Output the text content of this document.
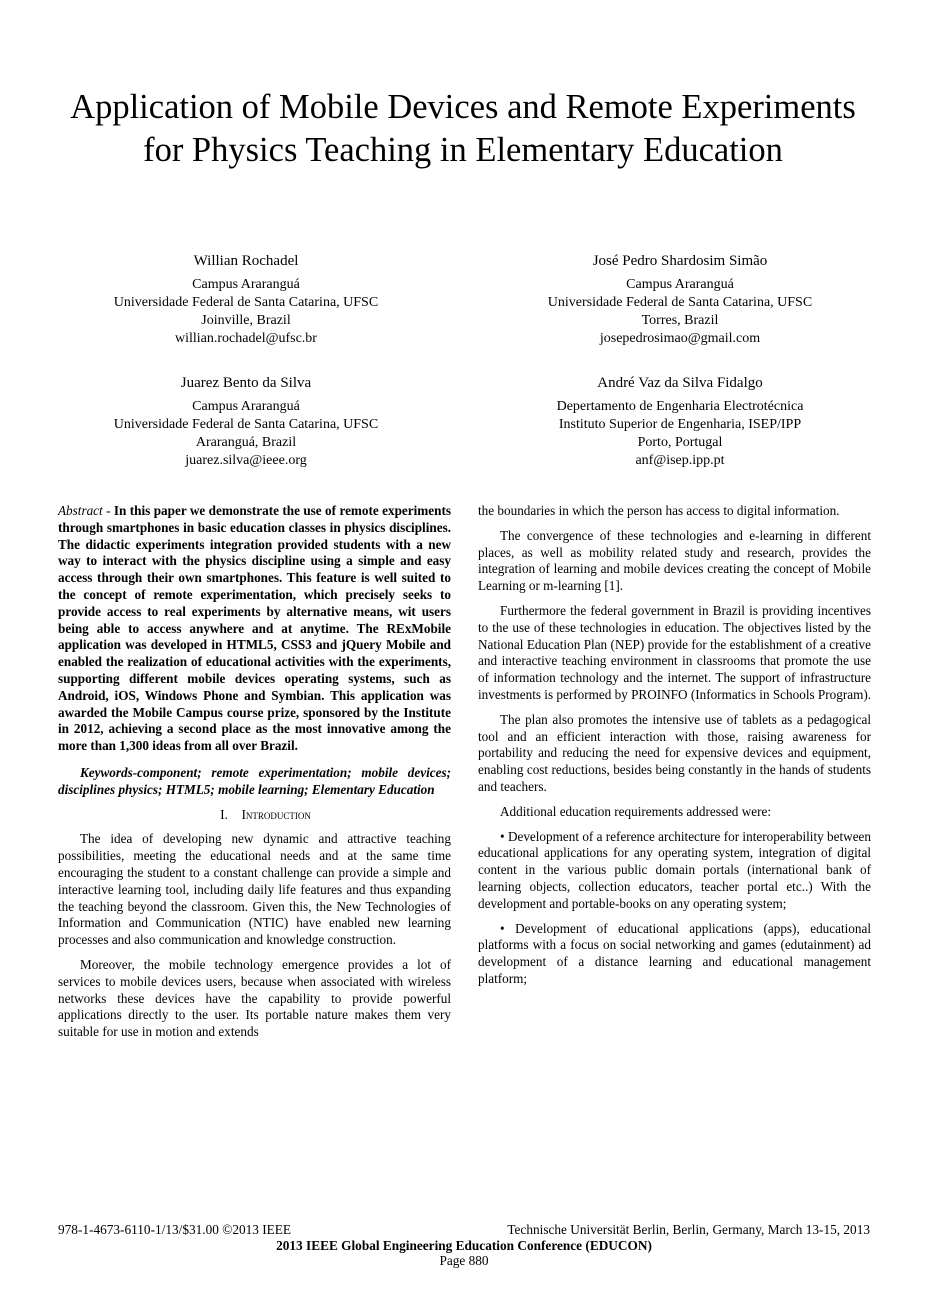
Application of Mobile Devices and Remote Experiments for Physics Teaching in Elementary Education
Willian Rochadel
Campus Araranguá
Universidade Federal de Santa Catarina, UFSC
Joinville, Brazil
willian.rochadel@ufsc.br
José Pedro Shardosim Simão
Campus Araranguá
Universidade Federal de Santa Catarina, UFSC
Torres, Brazil
josepedrosimao@gmail.com
Juarez Bento da Silva
Campus Araranguá
Universidade Federal de Santa Catarina, UFSC
Araranguá, Brazil
juarez.silva@ieee.org
André Vaz da Silva Fidalgo
Depertamento de Engenharia Electrotécnica
Instituto Superior de Engenharia, ISEP/IPP
Porto, Portugal
anf@isep.ipp.pt

Abstract - In this paper we demonstrate the use of remote experiments through smartphones in basic education classes in physics disciplines. The didactic experiments integration provided students with a new way to interact with the physics discipline using a simple and easy access through their own smartphones. This feature is well suited to the concept of remote experimentation, which precisely seeks to provide access to real experiments by alternative means, wit users being able to access anywhere and at anytime. The RExMobile application was developed in HTML5, CSS3 and jQuery Mobile and enabled the realization of educational activities with the experiments, supporting different mobile devices operating systems, such as Android, iOS, Windows Phone and Symbian. This application was awarded the Mobile Campus course prize, sponsored by the Institute in 2012, achieving a second place as the most innovative among the more than 1,300 ideas from all over Brazil.

Keywords-component; remote experimentation; mobile devices; disciplines physics; HTML5; mobile learning; Elementary Education

I. Introduction

The idea of developing new dynamic and attractive teaching possibilities, meeting the educational needs and at the same time encouraging the student to a constant challenge can provide a simple and interactive learning tool, including daily life features and thus expanding the teaching beyond the classroom. Given this, the New Technologies of Information and Communication (NTIC) have enabled new learning processes and also communication and knowledge construction.

Moreover, the mobile technology emergence provides a lot of services to mobile devices users, because when associated with wireless networks these devices have the capability to provide powerful applications directly to the user. Its portable nature makes them very suitable for use in motion and extends

the boundaries in which the person has access to digital information.

The convergence of these technologies and e-learning in different places, as well as mobility related study and research, provides the integration of learning and mobile devices creating the concept of Mobile Learning or m-learning [1].

Furthermore the federal government in Brazil is providing incentives to the use of these technologies in education. The objectives listed by the National Education Plan (NEP) provide for the establishment of a creative and interactive teaching environment in classrooms that promote the use of information technology and the internet. The support of infrastructure investments is performed by PROINFO (Informatics in Schools Program).

The plan also promotes the intensive use of tablets as a pedagogical tool and an efficient interaction with those, raising awareness for portability and reducing the need for expensive devices and equipment, enabling cost reductions, besides being constantly in the hands of students and teachers.

Additional education requirements addressed were:

• Development of a reference architecture for interoperability between educational applications for any operating system, integration of digital content in the various public domain portals (international bank of learning objects, collection educators, teacher portal etc..) With the development and portable-books on any operating system;

• Development of educational applications (apps), educational platforms with a focus on social networking and games (edutainment) ad development of a distance learning and educational management platform;

978-1-4673-6110-1/13/$31.00 ©2013 IEEE	Technische Universität Berlin, Berlin, Germany, March 13-15, 2013
2013 IEEE Global Engineering Education Conference (EDUCON)
Page 880
